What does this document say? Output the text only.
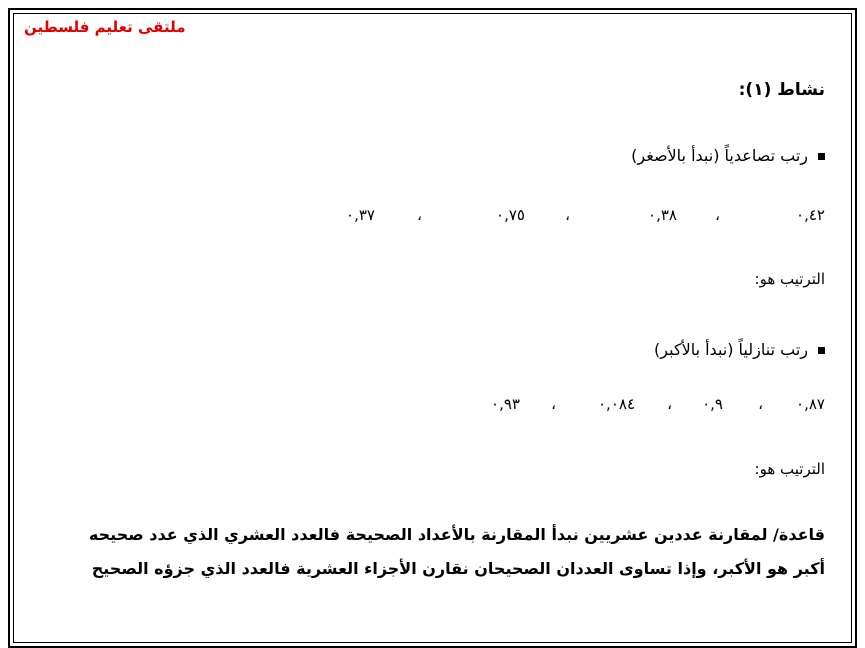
ملتقى تعليم فلسطين
نشاط (١):
رتب تصاعدياً (نبدأ بالأصغر)
٠,٤٢
،
٠,٣٨
،
٠,٧٥
،
٠,٣٧
الترتيب هو:
رتب تنازلياً (نبدأ بالأكبر)
٠,٨٧
،
٠,٩
،
٠,٠٨٤
،
٠,٩٣
الترتيب هو:
قاعدة/ لمقارنة عددين عشريين نبدأ المقارنة بالأعداد الصحيحة فالعدد العشري الذي عدد صحيحه
أكبر هو الأكبر، وإذا تساوى العددان الصحيحان نقارن الأجزاء العشرية فالعدد الذي جزؤه الصحيح
